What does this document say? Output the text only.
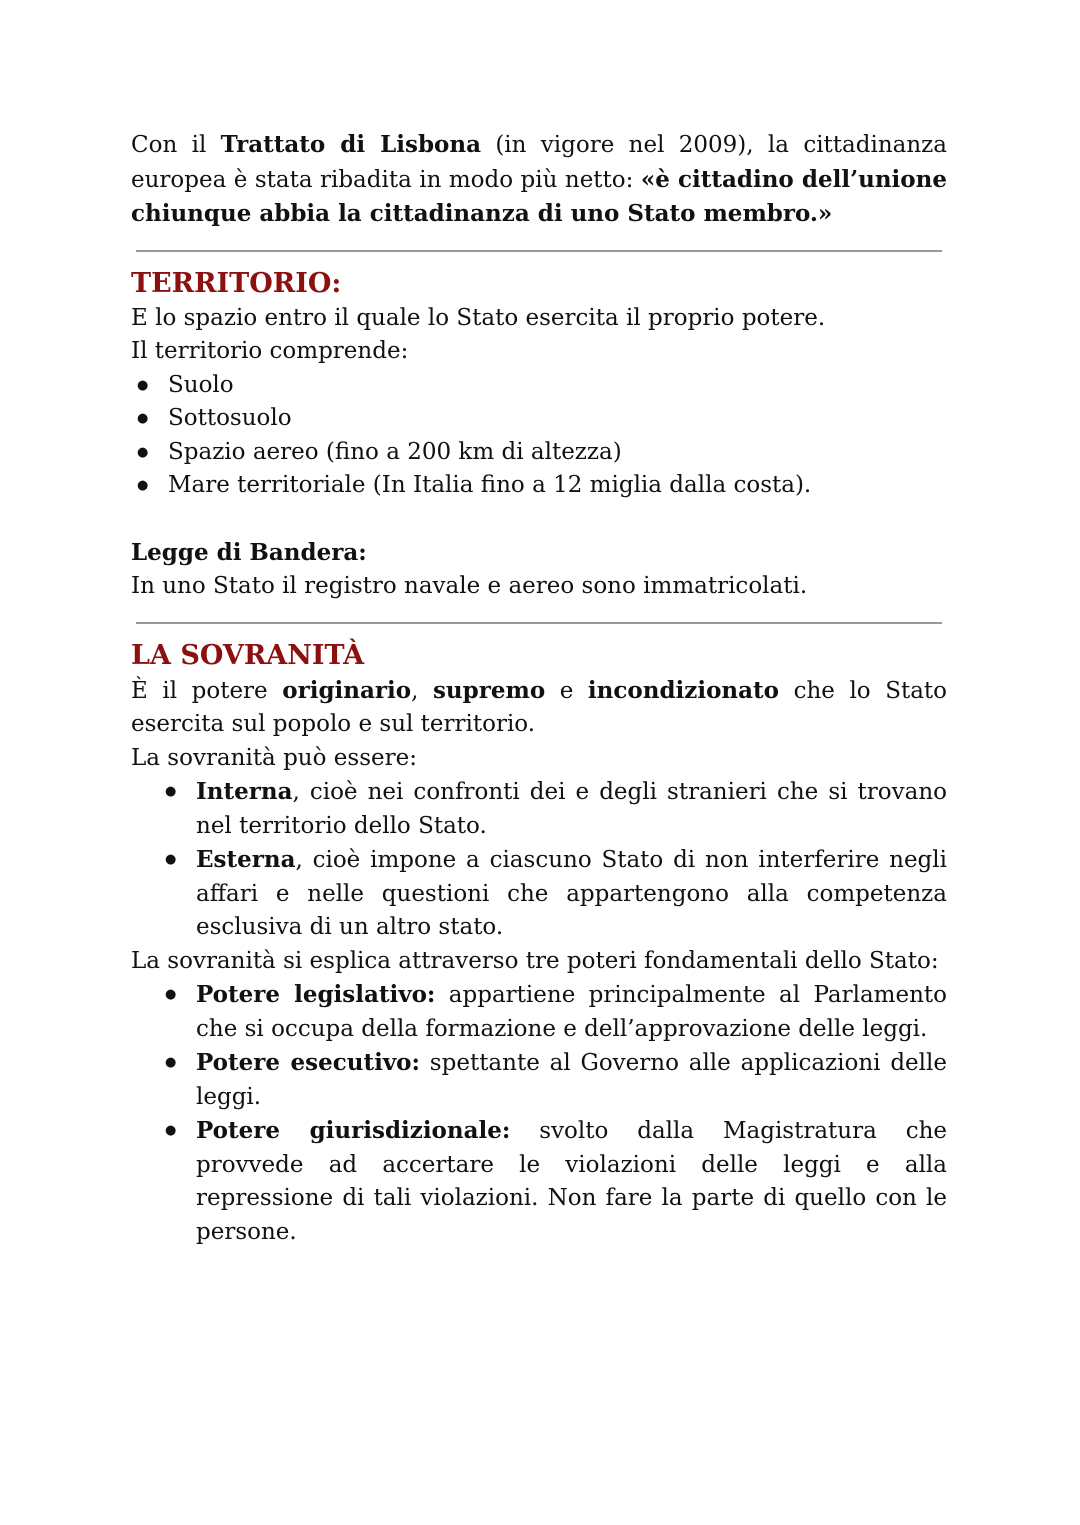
Con il Trattato di Lisbona (in vigore nel 2009), la cittadinanza europea è stata ribadita in modo più netto: «è cittadino dell’unione chiunque abbia la cittadinanza di uno Stato membro.»

TERRITORIO:

E lo spazio entro il quale lo Stato esercita il proprio potere.

Il territorio comprende:

● Suolo
● Sottosuolo
● Spazio aereo (fino a 200 km di altezza)
● Mare territoriale (In Italia fino a 12 miglia dalla costa).

Legge di Bandera:

In uno Stato il registro navale e aereo sono immatricolati.

LA SOVRANITÀ

È il potere originario, supremo e incondizionato che lo Stato esercita sul popolo e sul territorio.

La sovranità può essere:

● Interna, cioè nei confronti dei e degli stranieri che si trovano nel territorio dello Stato.
● Esterna, cioè impone a ciascuno Stato di non interferire negli affari e nelle questioni che appartengono alla competenza esclusiva di un altro stato.

La sovranità si esplica attraverso tre poteri fondamentali dello Stato:

● Potere legislativo: appartiene principalmente al Parlamento che si occupa della formazione e dell’approvazione delle leggi.
● Potere esecutivo: spettante al Governo alle applicazioni delle leggi.
● Potere giurisdizionale: svolto dalla Magistratura che provvede ad accertare le violazioni delle leggi e alla repressione di tali violazioni. Non fare la parte di quello con le persone.
